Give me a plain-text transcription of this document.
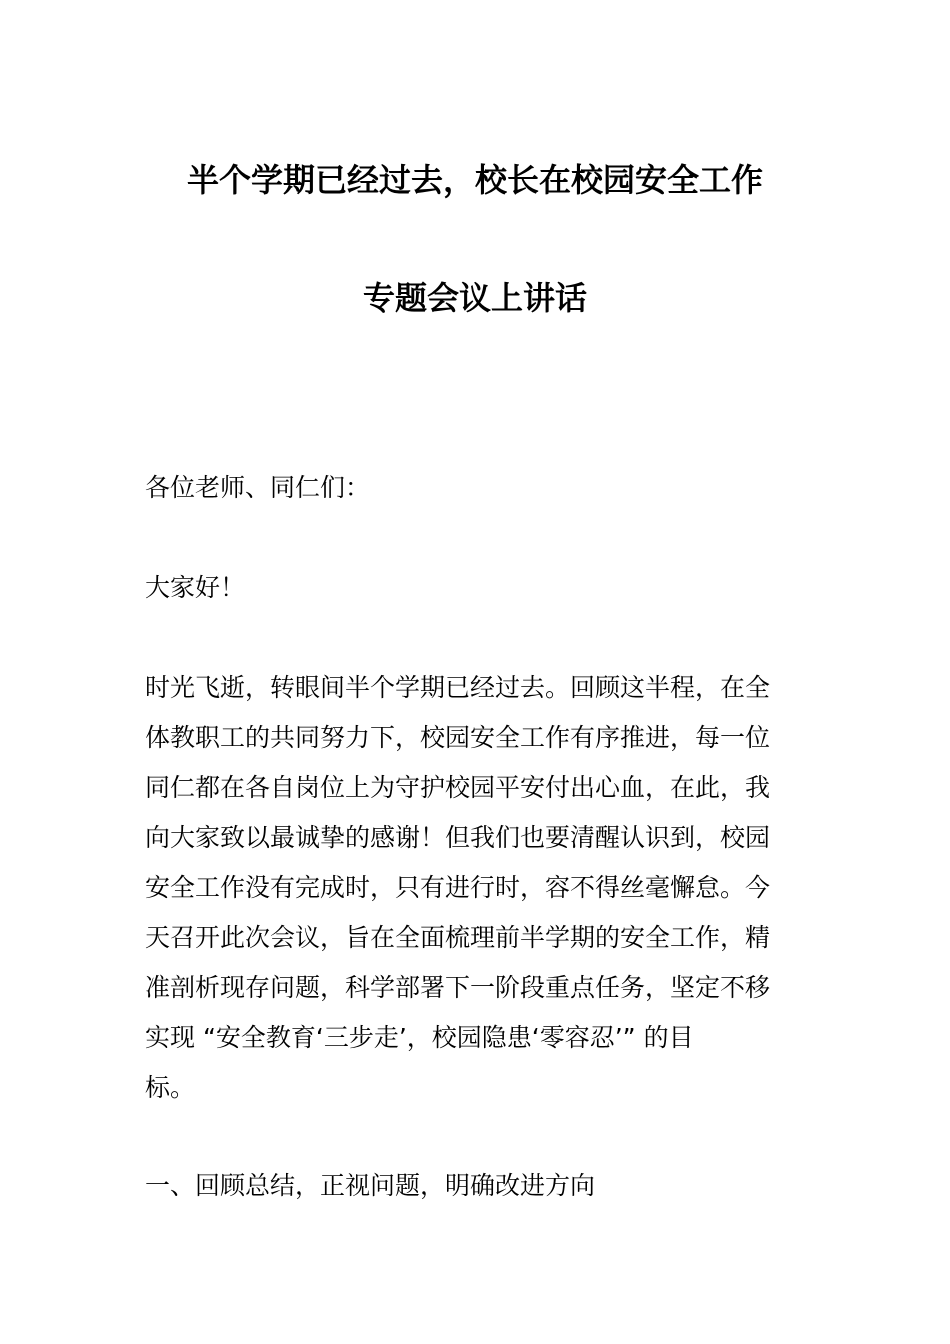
半个学期已经过去，校长在校园安全工作
专题会议上讲话

各位老师、同仁们：

大家好！

时光飞逝，转眼间半个学期已经过去。回顾这半程，在全
体教职工的共同努力下，校园安全工作有序推进，每一位
同仁都在各自岗位上为守护校园平安付出心血，在此，我
向大家致以最诚挚的感谢！但我们也要清醒认识到，校园
安全工作没有完成时，只有进行时，容不得丝毫懈怠。今
天召开此次会议，旨在全面梳理前半学期的安全工作，精
准剖析现存问题，科学部署下一阶段重点任务，坚定不移
实现 “安全教育‘三步走’，校园隐患‘零容忍’” 的目
标。

一、回顾总结，正视问题，明确改进方向
